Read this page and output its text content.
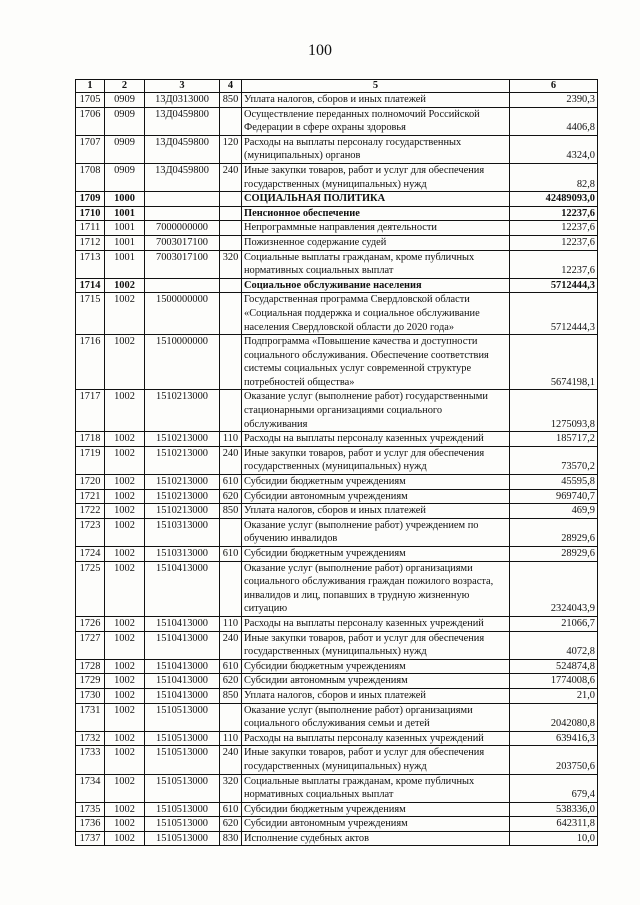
100
1	2	3	4	5	6
1705	0909	13Д0313000	850	Уплата налогов, сборов и иных платежей	2390,3
1706	0909	13Д0459800		Осуществление переданных полномочий Российской Федерации в сфере охраны здоровья	4406,8
1707	0909	13Д0459800	120	Расходы на выплаты персоналу государственных (муниципальных) органов	4324,0
1708	0909	13Д0459800	240	Иные закупки товаров, работ и услуг для обеспечения государственных (муниципальных) нужд	82,8
1709	1000			СОЦИАЛЬНАЯ ПОЛИТИКА	42489093,0
1710	1001			Пенсионное обеспечение	12237,6
1711	1001	7000000000		Непрограммные направления деятельности	12237,6
1712	1001	7003017100		Пожизненное содержание судей	12237,6
1713	1001	7003017100	320	Социальные выплаты гражданам, кроме публичных нормативных социальных выплат	12237,6
1714	1002			Социальное обслуживание населения	5712444,3
1715	1002	1500000000		Государственная программа Свердловской области «Социальная поддержка и социальное обслуживание населения Свердловской области до 2020 года»	5712444,3
1716	1002	1510000000		Подпрограмма «Повышение качества и доступности социального обслуживания. Обеспечение соответствия системы социальных услуг современной структуре потребностей общества»	5674198,1
1717	1002	1510213000		Оказание услуг (выполнение работ) государственными стационарными организациями социального обслуживания	1275093,8
1718	1002	1510213000	110	Расходы на выплаты персоналу казенных учреждений	185717,2
1719	1002	1510213000	240	Иные закупки товаров, работ и услуг для обеспечения государственных (муниципальных) нужд	73570,2
1720	1002	1510213000	610	Субсидии бюджетным учреждениям	45595,8
1721	1002	1510213000	620	Субсидии автономным учреждениям	969740,7
1722	1002	1510213000	850	Уплата налогов, сборов и иных платежей	469,9
1723	1002	1510313000		Оказание услуг (выполнение работ) учреждением по обучению инвалидов	28929,6
1724	1002	1510313000	610	Субсидии бюджетным учреждениям	28929,6
1725	1002	1510413000		Оказание услуг (выполнение работ) организациями социального обслуживания граждан пожилого возраста, инвалидов и лиц, попавших в трудную жизненную ситуацию	2324043,9
1726	1002	1510413000	110	Расходы на выплаты персоналу казенных учреждений	21066,7
1727	1002	1510413000	240	Иные закупки товаров, работ и услуг для обеспечения государственных (муниципальных) нужд	4072,8
1728	1002	1510413000	610	Субсидии бюджетным учреждениям	524874,8
1729	1002	1510413000	620	Субсидии автономным учреждениям	1774008,6
1730	1002	1510413000	850	Уплата налогов, сборов и иных платежей	21,0
1731	1002	1510513000		Оказание услуг (выполнение работ) организациями социального обслуживания семьи и детей	2042080,8
1732	1002	1510513000	110	Расходы на выплаты персоналу казенных учреждений	639416,3
1733	1002	1510513000	240	Иные закупки товаров, работ и услуг для обеспечения государственных (муниципальных) нужд	203750,6
1734	1002	1510513000	320	Социальные выплаты гражданам, кроме публичных нормативных социальных выплат	679,4
1735	1002	1510513000	610	Субсидии бюджетным учреждениям	538336,0
1736	1002	1510513000	620	Субсидии автономным учреждениям	642311,8
1737	1002	1510513000	830	Исполнение судебных актов	10,0
